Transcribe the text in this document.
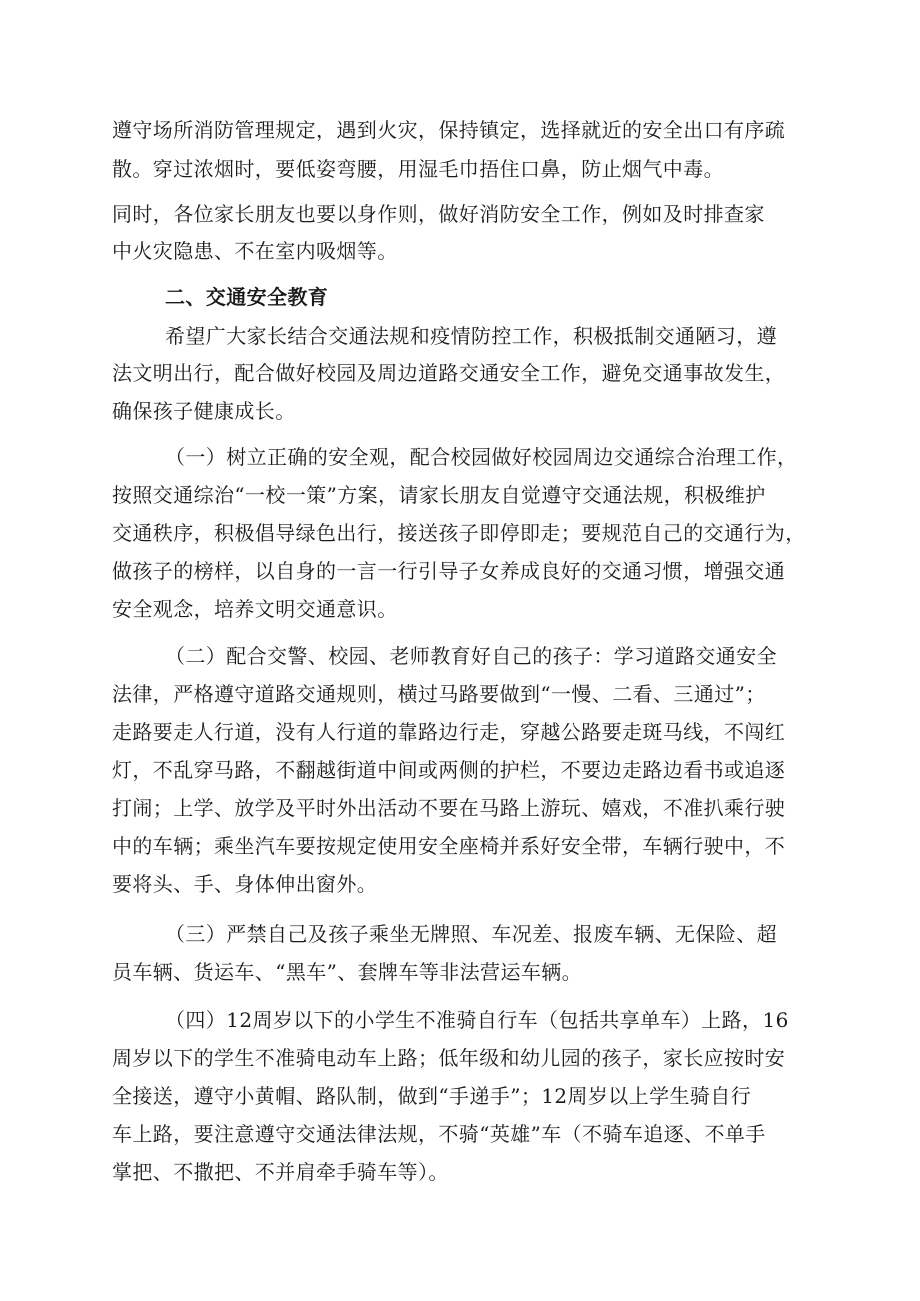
遵守场所消防管理规定，遇到火灾，保持镇定，选择就近的安全出口有序疏
散。穿过浓烟时，要低姿弯腰，用湿毛巾捂住口鼻，防止烟气中毒。
同时，各位家长朋友也要以身作则，做好消防安全工作，例如及时排查家
中火灾隐患、不在室内吸烟等。
二、交通安全教育
希望广大家长结合交通法规和疫情防控工作，积极抵制交通陋习，遵
法文明出行，配合做好校园及周边道路交通安全工作，避免交通事故发生，
确保孩子健康成长。
（一）树立正确的安全观，配合校园做好校园周边交通综合治理工作，
按照交通综治“一校一策”方案，请家长朋友自觉遵守交通法规，积极维护
交通秩序，积极倡导绿色出行，接送孩子即停即走；要规范自己的交通行为，
做孩子的榜样，以自身的一言一行引导子女养成良好的交通习惯，增强交通
安全观念，培养文明交通意识。
（二）配合交警、校园、老师教育好自己的孩子：学习道路交通安全
法律，严格遵守道路交通规则，横过马路要做到“一慢、二看、三通过”；
走路要走人行道，没有人行道的靠路边行走，穿越公路要走斑马线，不闯红
灯，不乱穿马路，不翻越街道中间或两侧的护栏，不要边走路边看书或追逐
打闹；上学、放学及平时外出活动不要在马路上游玩、嬉戏，不准扒乘行驶
中的车辆；乘坐汽车要按规定使用安全座椅并系好安全带，车辆行驶中，不
要将头、手、身体伸出窗外。
（三）严禁自己及孩子乘坐无牌照、车况差、报废车辆、无保险、超
员车辆、货运车、“黑车”、套牌车等非法营运车辆。
（四）12周岁以下的小学生不准骑自行车（包括共享单车）上路，16
周岁以下的学生不准骑电动车上路；低年级和幼儿园的孩子，家长应按时安
全接送，遵守小黄帽、路队制，做到“手递手”；12周岁以上学生骑自行
车上路，要注意遵守交通法律法规，不骑“英雄”车（不骑车追逐、不单手
掌把、不撒把、不并肩牵手骑车等）。
